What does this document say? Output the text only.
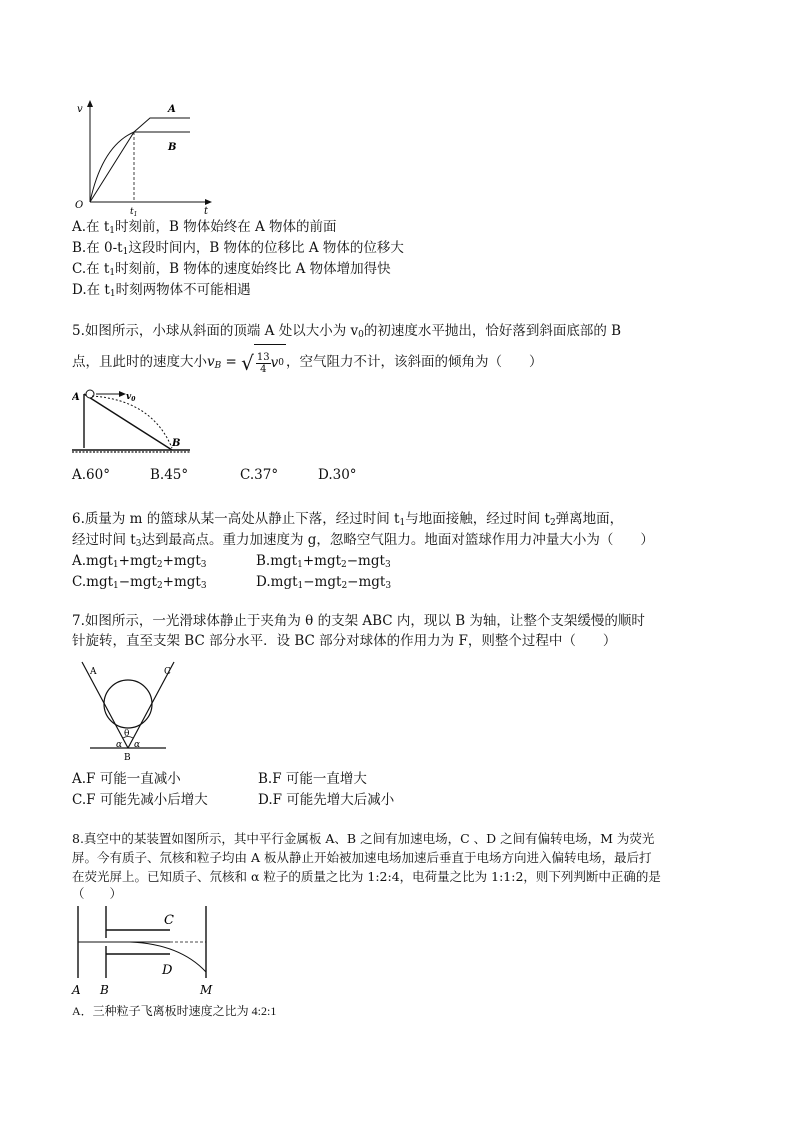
v
O
t
$t_1$
A
B
A.在 $t_1$时刻前，B 物体始终在 A 物体的前面
B.在 $0-t_1$这段时间内，B 物体的位移比 A 物体的位移大
C.在 $t_1$时刻前，B 物体的速度始终比 A 物体增加得快
D.在 $t_1$时刻两物体不可能相遇
5.如图所示，小球从斜面的顶端 A 处以大小为 $v_0$的初速度水平抛出，恰好落到斜面底部的 B
点，且此时的速度大小$v_B$ = √ $\frac{13}{4}$ v 0 ，空气阻力不计，该斜面的倾角为（　　）
A
B
$v_0$
A.60°	B.45°	C.37°	D.30°
6.质量为 m 的篮球从某一高处从静止下落，经过时间 $t_1$与地面接触，经过时间 $t_2$弹离地面，
经过时间 $t_3$达到最高点。重力加速度为 g，忽略空气阻力。地面对篮球作用力冲量大小为（　　）
A.mgt$_1$+mgt$_2$+mgt$_3$	B.mgt$_1$+mgt$_2$−mgt$_3$
C.mgt$_1$−mgt$_2$+mgt$_3$	D.mgt$_1$−mgt$_2$−mgt$_3$
7.如图所示，一光滑球体静止于夹角为 θ 的支架 ABC 内，现以 B 为轴，让整个支架缓慢的顺时
针旋转，直至支架 BC 部分水平．设 BC 部分对球体的作用力为 F，则整个过程中（　　）
A	C
B
θ
α α
A.F 可能一直减小	B.F 可能一直增大
C.F 可能先减小后增大	D.F 可能先增大后减小
8.真空中的某装置如图所示，其中平行金属板 A、B 之间有加速电场，C 、D 之间有偏转电场，M 为荧光
屏。今有质子、氘核和粒子均由 A 板从静止开始被加速电场加速后垂直于电场方向进入偏转电场，最后打
在荧光屏上。已知质子、氘核和 α 粒子的质量之比为 1:2:4，电荷量之比为 1:1:2，则下列判断中正确的是
（　　）
C
D
A B	M
A．三种粒子飞离板时速度之比为 4:2:1
